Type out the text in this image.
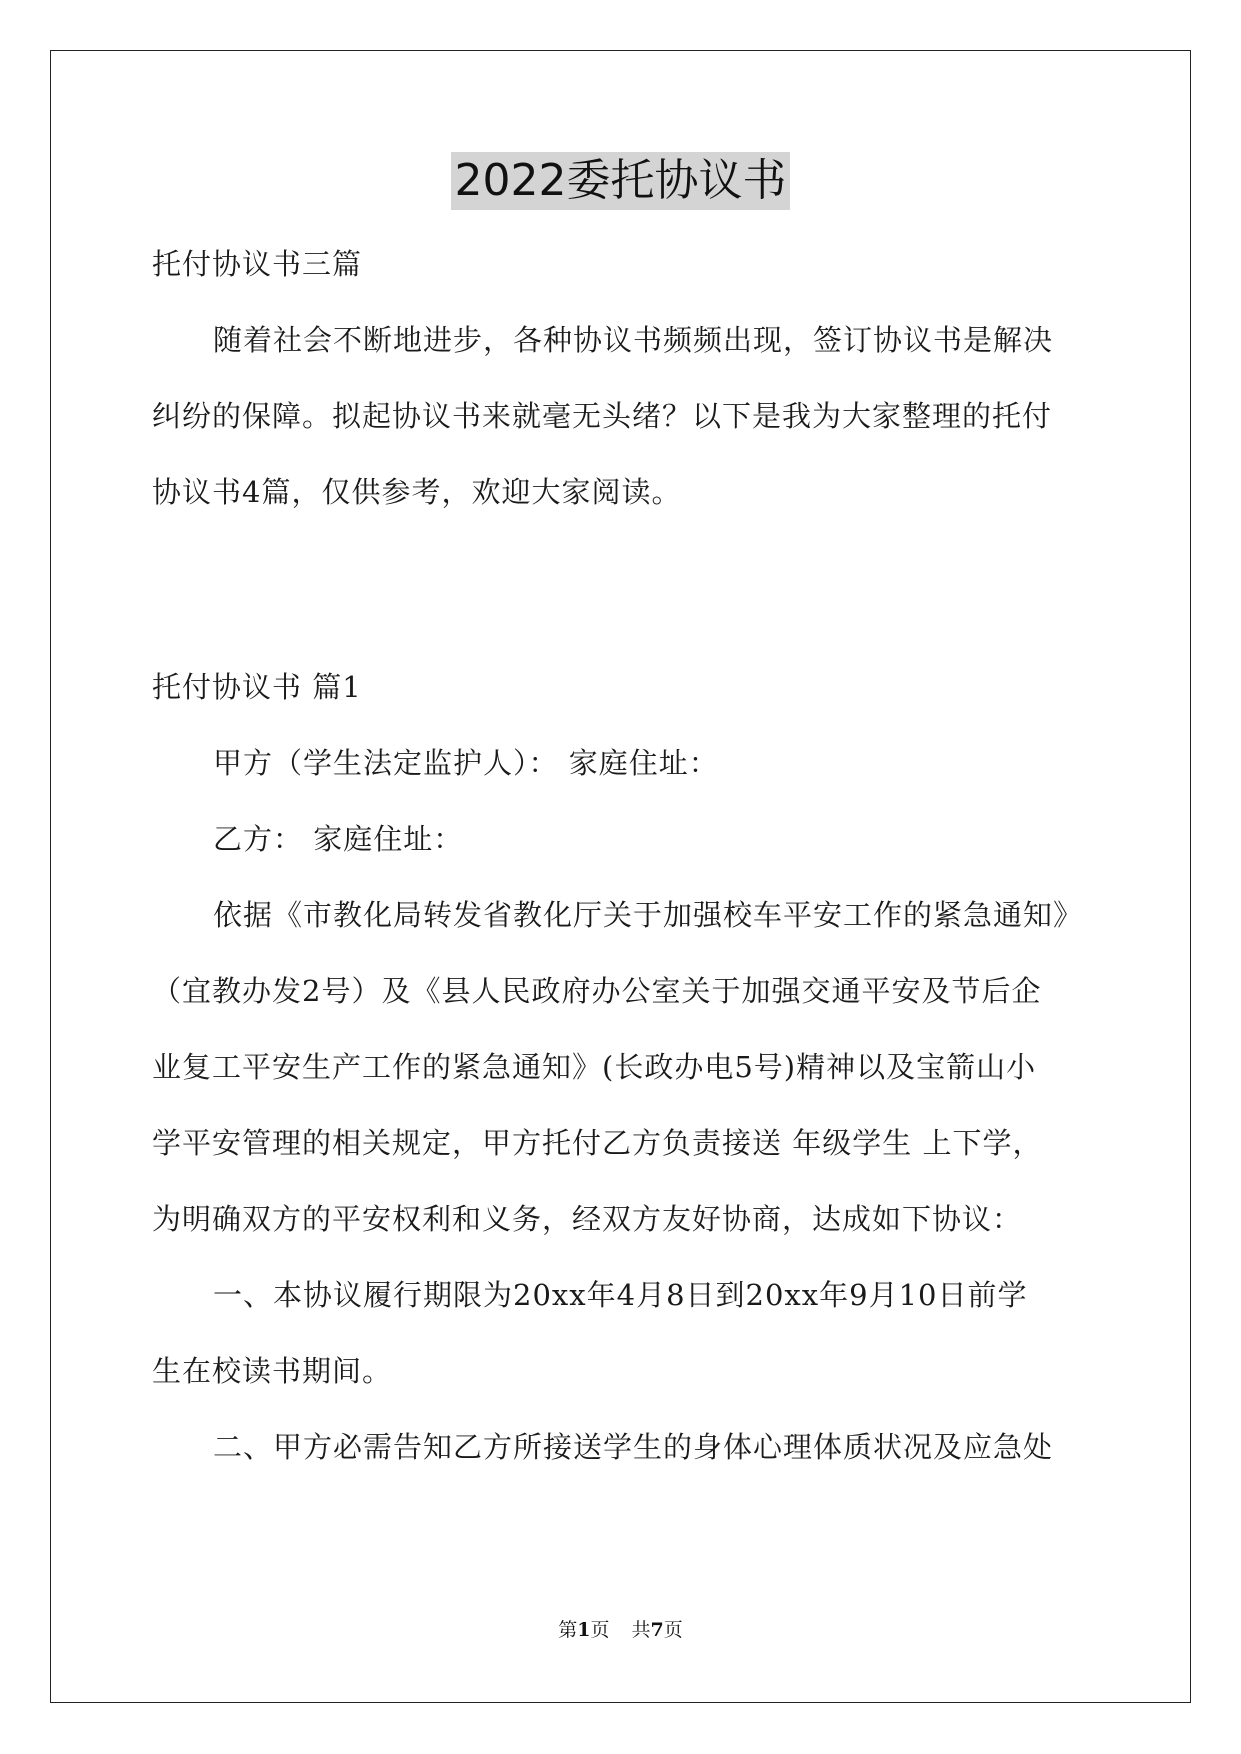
2022委托协议书
托付协议书三篇
随着社会不断地进步，各种协议书频频出现，签订协议书是解决
纠纷的保障。拟起协议书来就毫无头绪？以下是我为大家整理的托付
协议书4篇，仅供参考，欢迎大家阅读。
托付协议书 篇1
甲方（学生法定监护人）： 家庭住址：
乙方： 家庭住址：
依据《市教化局转发省教化厅关于加强校车平安工作的紧急通知》
（宜教办发2号）及《县人民政府办公室关于加强交通平安及节后企
业复工平安生产工作的紧急通知》(长政办电5号)精神以及宝箭山小
学平安管理的相关规定，甲方托付乙方负责接送 年级学生 上下学，
为明确双方的平安权利和义务，经双方友好协商，达成如下协议：
一、本协议履行期限为20xx年4月8日到20xx年9月10日前学
生在校读书期间。
二、甲方必需告知乙方所接送学生的身体心理体质状况及应急处
第1页 共7页
